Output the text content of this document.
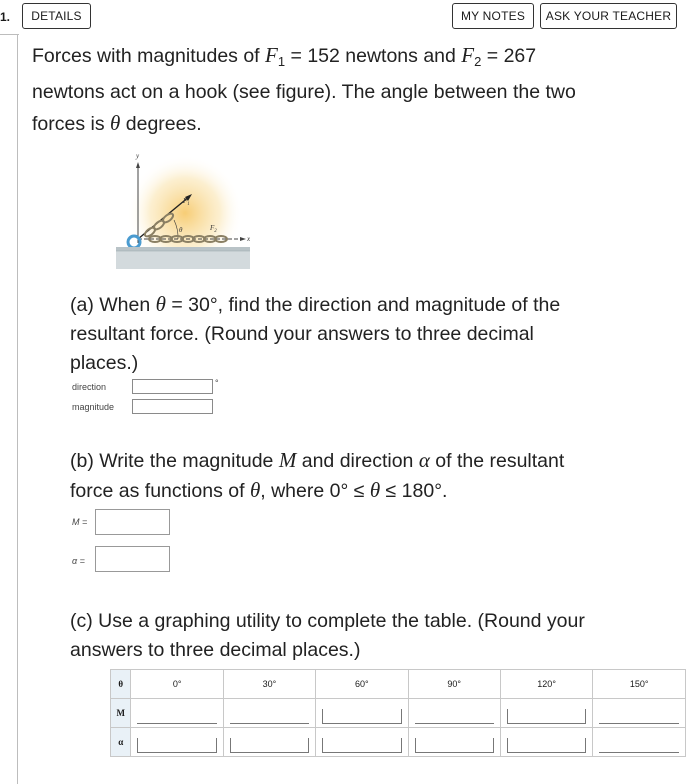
1.	DETAILS	MY NOTES	ASK YOUR TEACHER
Forces with magnitudes of $F_1 = 152$ newtons and $F_2 = 267$
newtons act on a hook (see figure). The angle between the two
forces is θ degrees.
y
x
$F_1$
$F_2$
θ
(a) When θ = 30°, find the direction and magnitude of the
resultant force. (Round your answers to three decimal
places.)
direction	°
magnitude
(b) Write the magnitude M and direction α of the resultant
force as functions of θ, where 0° ≤ θ ≤ 180°.
M =
α =
(c) Use a graphing utility to complete the table. (Round your
answers to three decimal places.)
θ	0°	30°	60°	90°	120°	150°
M	

α	
